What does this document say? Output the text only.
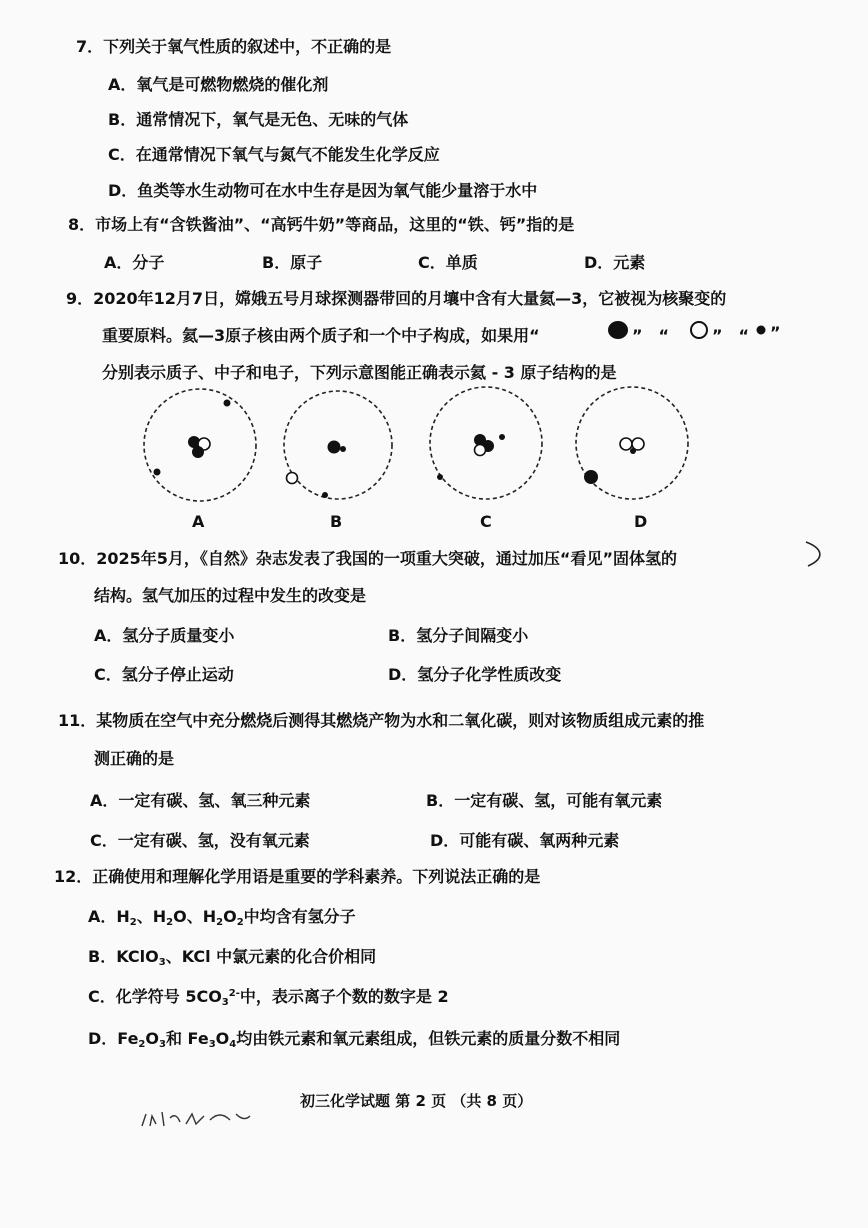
7．下列关于氧气性质的叙述中，不正确的是
A．氧气是可燃物燃烧的催化剂
B．通常情况下，氧气是无色、无味的气体
C．在通常情况下氧气与氮气不能发生化学反应
D．鱼类等水生动物可在水中生存是因为氧气能少量溶于水中
8．市场上有“含铁酱油”、“高钙牛奶”等商品，这里的“铁、钙”指的是
A．分子	B．原子	C．单质	D．元素
9．2020年12月7日，嫦娥五号月球探测器带回的月壤中含有大量氦—3，它被视为核聚变的
重要原料。氦—3原子核由两个质子和一个中子构成，如果用“	”　“	”　“ ”
分别表示质子、中子和电子，下列示意图能正确表示氦 - 3 原子结构的是
A	B	C	D
10．2025年5月，《自然》杂志发表了我国的一项重大突破，通过加压“看见”固体氢的
结构。氢气加压的过程中发生的改变是
A．氢分子质量变小	B．氢分子间隔变小
C．氢分子停止运动	D．氢分子化学性质改变
11．某物质在空气中充分燃烧后测得其燃烧产物为水和二氧化碳，则对该物质组成元素的推
测正确的是
A．一定有碳、氢、氧三种元素	B．一定有碳、氢，可能有氧元素
C．一定有碳、氢，没有氧元素	D．可能有碳、氧两种元素
12．正确使用和理解化学用语是重要的学科素养。下列说法正确的是
A．$H_2$、$H_2O$、$H_2O_2$中均含有氢分子
B．KClO$_3$、KCl 中氯元素的化合价相同
C．化学符号 $5CO_3^{2-}$中，表示离子个数的数字是 2
D．$Fe_2O_3$和 $Fe_3O_4$均由铁元素和氧元素组成，但铁元素的质量分数不相同
初三化学试题 第 2 页 （共 8 页）
